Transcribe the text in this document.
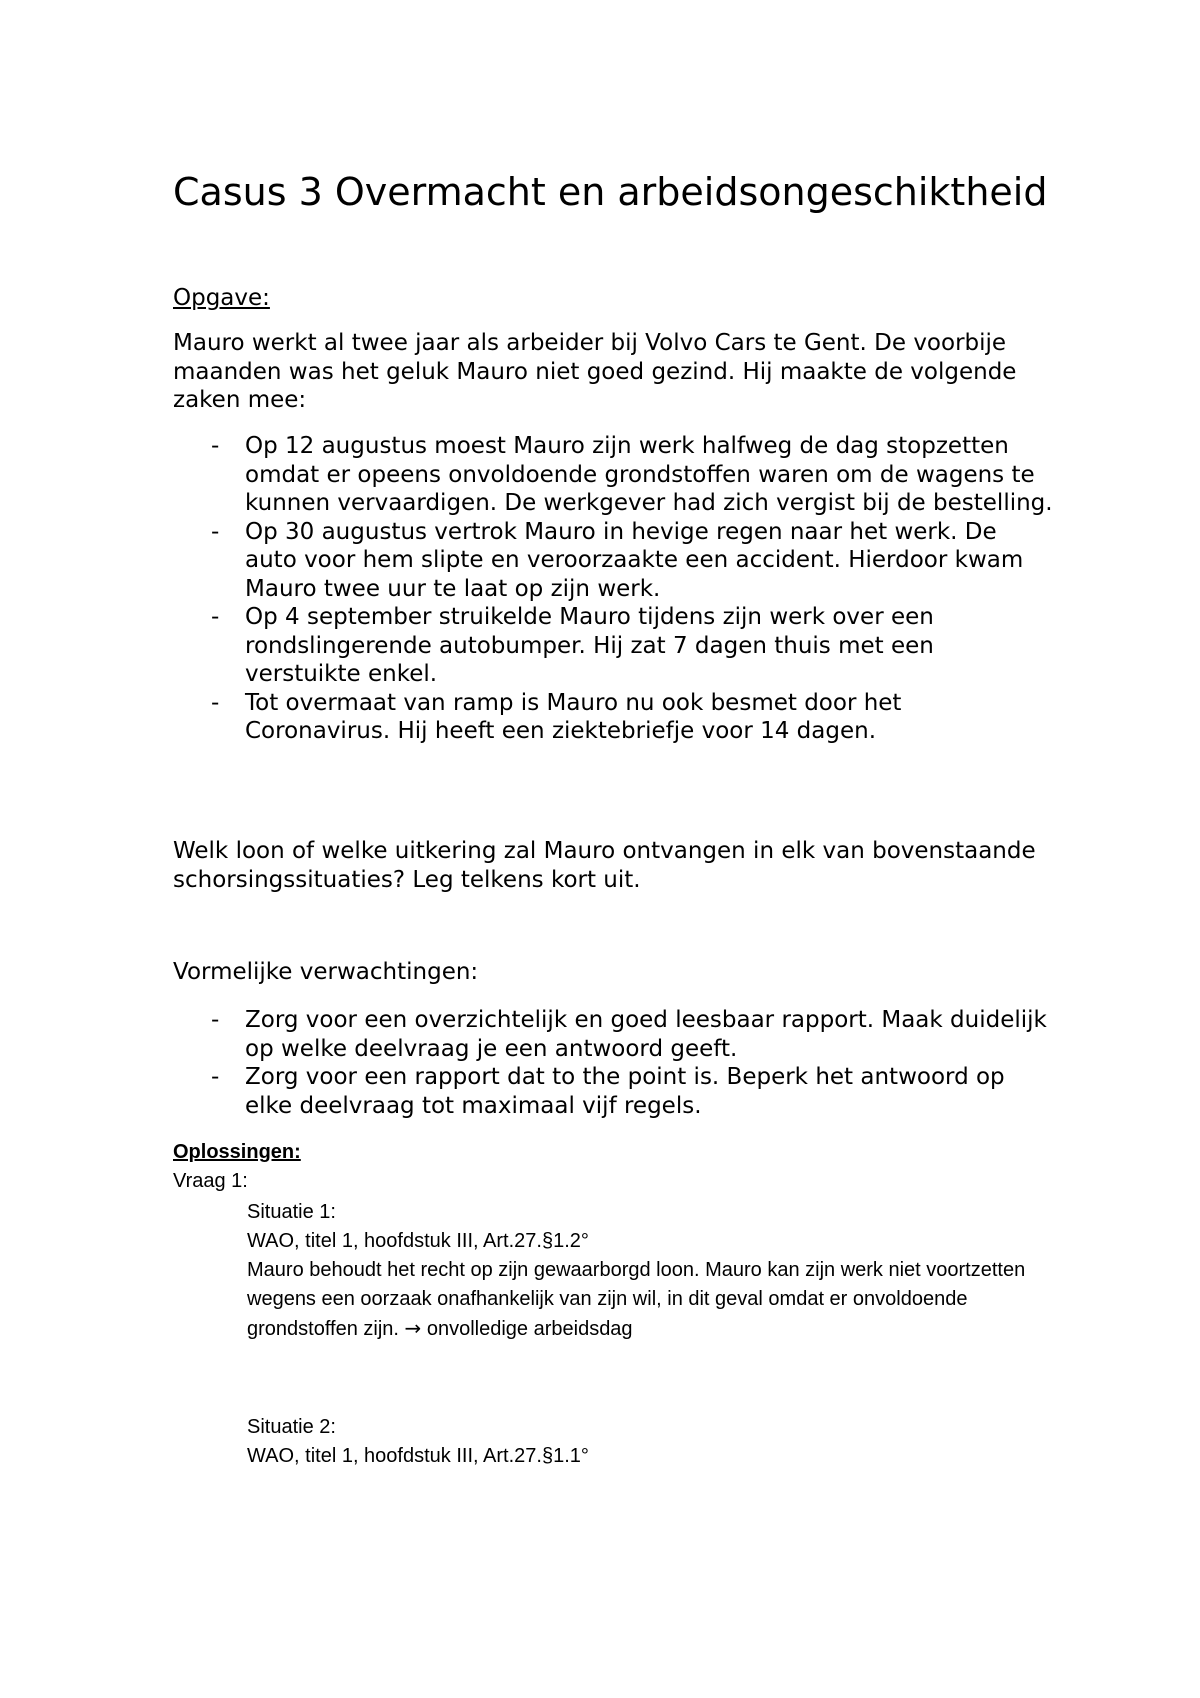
Casus 3 Overmacht en arbeidsongeschiktheid

Opgave:

Mauro werkt al twee jaar als arbeider bij Volvo Cars te Gent. De voorbije maanden was het geluk Mauro niet goed gezind. Hij maakte de volgende zaken mee:

- Op 12 augustus moest Mauro zijn werk halfweg de dag stopzetten omdat er opeens onvoldoende grondstoffen waren om de wagens te kunnen vervaardigen. De werkgever had zich vergist bij de bestelling.
- Op 30 augustus vertrok Mauro in hevige regen naar het werk. De auto voor hem slipte en veroorzaakte een accident. Hierdoor kwam Mauro twee uur te laat op zijn werk.
- Op 4 september struikelde Mauro tijdens zijn werk over een rondslingerende autobumper. Hij zat 7 dagen thuis met een verstuikte enkel.
- Tot overmaat van ramp is Mauro nu ook besmet door het Coronavirus. Hij heeft een ziektebriefje voor 14 dagen.

Welk loon of welke uitkering zal Mauro ontvangen in elk van bovenstaande schorsingssituaties? Leg telkens kort uit.

Vormelijke verwachtingen:

- Zorg voor een overzichtelijk en goed leesbaar rapport. Maak duidelijk op welke deelvraag je een antwoord geeft.
- Zorg voor een rapport dat to the point is. Beperk het antwoord op elke deelvraag tot maximaal vijf regels.

Oplossingen:

Vraag 1:

Situatie 1:
WAO, titel 1, hoofdstuk III, Art.27.§1.2°
Mauro behoudt het recht op zijn gewaarborgd loon. Mauro kan zijn werk niet voortzetten wegens een oorzaak onafhankelijk van zijn wil, in dit geval omdat er onvoldoende grondstoffen zijn. → onvolledige arbeidsdag
Situatie 2:
WAO, titel 1, hoofdstuk III, Art.27.§1.1°
